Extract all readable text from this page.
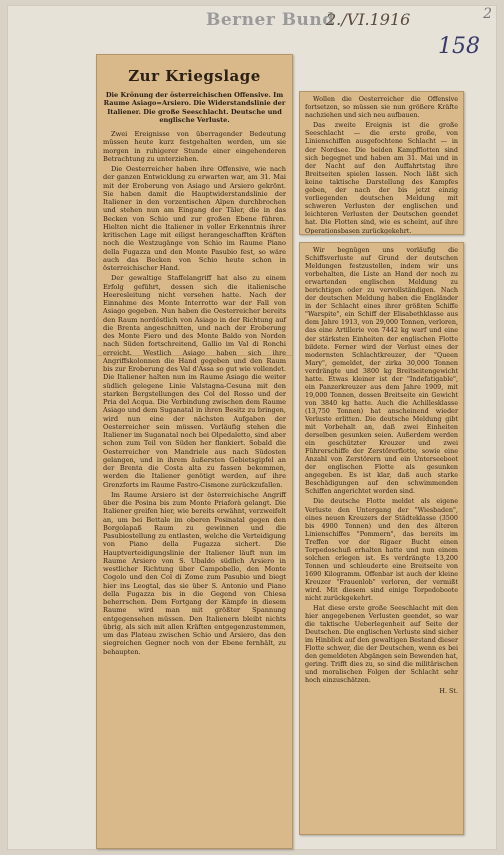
Berner Bund
2./VI.1916
158
2
Zur Kriegslage
Die Krönung der österreichischen Offensive. Im Raume Asiago=Arsiero. Die Widerstandslinie der Italiener. Die große Seeschlacht. Deutsche und englische Verluste.

Zwei Ereignisse von überragender Bedeutung müssen heute kurz festgehalten werden, um sie morgen in ruhigerer Stunde einer eingehenderen Betrachtung zu unterziehen.

Die Oesterreicher haben ihre Offensive, wie nach der ganzen Entwicklung zu erwarten war, am 31. Mai mit der Eroberung von Asiago und Arsiero gekrönt. Sie haben damit die Hauptwiderstandslinie der Italiener in den vorzentischen Alpen durchbrochen und stehen nun am Eingang der Täler, die in das Becken von Schio und zur großen Ebene führen. Hielten nicht die Italiener in voller Erkenntnis ihrer kritischen Lage mit eiligst herangeschafften Kräften noch die Westzugänge von Schio im Raume Piano della Fugazza und den Monte Pasubio fest, so wäre auch das Becken von Schio heute schon in österreichischer Hand.

Der gewaltige Staffelangriff hat also zu einem Erfolg geführt, dessen sich die italienische Heeresleitung nicht versehen hatte. Nach der Einnahme des Monte Interrotto war der Fall von Asiago gegeben. Nun haben die Oesterreicher bereits den Raum nordöstlich von Asiago in der Richtung auf die Brenta angeschnitten, und nach der Eroberung des Monte Fiero und des Monte Baldo von Norden nach Süden fortschreitend, Gallio im Val di Ronchi erreicht. Westlich Asiago haben sich ihre Angriffskolonnen die Hand gegeben und den Raum bis zur Eroberung des Val d'Assa so gut wie vollendet. Die Italiener halten nun im Raume Asiago die weiter südlich gelegene Linie Valstagna-Cesuna mit den starken Bergstellungen des Col del Rosso und der Pria del Acqua. Die Verbindung zwischen dem Raume Asiago und dem Suganatal in ihren Besitz zu bringen, wird nun eine der nächsten Aufgaben der Oesterreicher sein müssen. Vorläufig stehen die Italiener im Suganatal noch bei Olpedaletto, sind aber schon zum Teil von Süden her flankiert. Sobald die Oesterreicher von Mandriele aus nach Südosten gelangen, und in ihrem äußersten Gebietsgipfel an der Brenta die Costa alta zu fassen bekommen, werden die Italiener genötigt werden, auf ihre Grenzforts im Raume Fastro-Cismone zurückzufallen.

Im Raume Arsiero ist der österreichische Angriff über die Posina bis zum Monte Priaforà gelangt. Die Italiener greifen hier, wie bereits erwähnt, verzweifelt an, um bei Bettale im oberen Posinatal gegen den Borgolapaß Raum zu gewinnen und die Pasubiostellung zu entlasten, welche die Verteidigung von Piano della Fugazza sichert. Die Hauptverteidigungslinie der Italiener läuft nun im Raume Arsiero von S. Ubaldo südlich Arsiero in westlicher Richtung über Campobello, den Monte Cogolo und den Col di Zome zum Pasubio und biegt hier ins Leogtal, das sie über S. Antonio und Piano della Fugazza bis in die Gegend von Chiesa beherrschen. Dem Fortgang der Kämpfe in diesem Raume wird man mit größter Spannung entgegensehen müssen. Den Italienern bleibt nichts übrig, als sich mit allen Kräften entgegenzustemmen, um das Plateau zwischen Schio und Arsiero, das den siegreichen Gegner noch von der Ebene fernhält, zu behaupten.

Wollen die Oesterreicher die Offensive fortsetzen, so müssen sie nun größere Kräfte nachziehen und sich neu aufbauen.

Das zweite Ereignis ist die große Seeschlacht — die erste große, von Linienschiffen ausgefochtene Schlacht — in der Nordsee. Die beiden Kampfflotten sind sich begegnet und haben am 31. Mai und in der Nacht auf den Auffahrtstag ihre Breitseiten spielen lassen. Noch läßt sich keine taktische Darstellung des Kampfes geben, der nach der bis jetzt einzig vorliegenden deutschen Meldung mit schweren Verlusten der englischen und leichteren Verlusten der Deutschen geendet hat. Die Flotten sind, wie es scheint, auf ihre Operationsbasen zurückgekehrt.

Wir begnügen uns vorläufig die Schiffsverluste auf Grund der deutschen Meldungen festzustellen, indem wir uns vorbehalten, die Liste an Hand der noch zu erwartenden englischen Meldung zu berichtigen oder zu vervollständigen. Nach der deutschen Meldung haben die Engländer in der Schlacht eines ihrer größten Schiffe "Warspite", ein Schiff der Elisabethklasse aus dem Jahre 1913, von 29,000 Tonnen, verloren, das eine Artillerie von 7442 kg warf und eine der stärksten Einheiten der englischen Flotte bildete. Ferner wird der Verlust eines der modernsten Schlachtkreuzer, der "Queen Mary", gemeldet, der zirka 30,000 Tonnen verdrängte und 3800 kg Breitseitengewicht hatte. Etwas kleiner ist der "Indefatigable", ein Panzerkreuzer aus dem Jahre 1909, mit 19,000 Tonnen, dessen Breitseite ein Gewicht von 3840 kg hatte. Auch die Achillesklasse (13,750 Tonnen) hat anscheinend wieder Verluste erlitten. Die deutsche Meldung gibt mit Vorbehalt an, daß zwei Einheiten derselben gesunken seien. Außerdem werden ein geschützter Kreuzer und zwei Führerschiffe der Zerstörerflotte, sowie eine Anzahl von Zerstörern und ein Unterseeboot der englischen Flotte als gesunken angegeben. Es ist klar, daß auch starke Beschädigungen auf den schwimmenden Schiffen angerichtet worden sind.

Die deutsche Flotte meldet als eigene Verluste den Untergang der "Wiesbaden", eines neuen Kreuzers der Städteklasse (3500 bis 4900 Tonnen) und den des älteren Linienschiffes "Pommern", das bereits im Treffen vor der Rigaer Bucht einen Torpedoschuß erhalten hatte und nun einem solchen erlegen ist. Es verdrängte 13,200 Tonnen und schleuderte eine Breitseite von 1690 Kilogramm. Offenbar ist auch der kleine Kreuzer "Frauenlob" verloren, der vermißt wird. Mit diesem sind einige Torpedoboote nicht zurückgekehrt.

Hat diese erste große Seeschlacht mit den hier angegebenen Verlusten geendet, so war die taktische Ueberlegenheit auf Seite der Deutschen. Die englischen Verluste sind sicher im Hinblick auf den gewaltigen Bestand dieser Flotte schwer, die der Deutschen, wenn es bei den gemeldeten Abgängen sein Bewenden hat, gering. Trifft dies zu, so sind die militärischen und moralischen Folgen der Schlacht sehr hoch einzuschätzen.

H. St.
